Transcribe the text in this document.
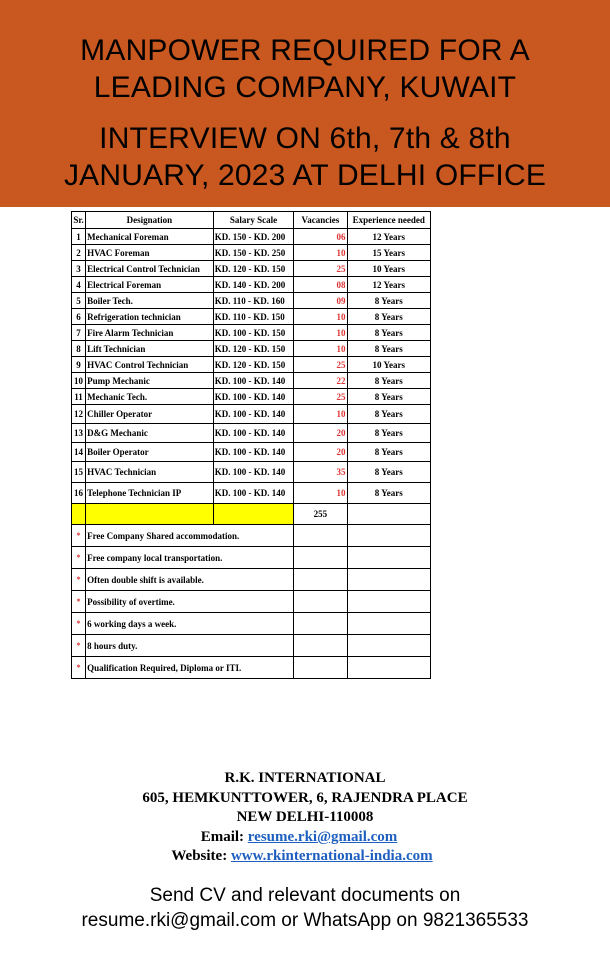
MANPOWER REQUIRED FOR A
LEADING COMPANY, KUWAIT
INTERVIEW ON 6th, 7th & 8th
JANUARY, 2023 AT DELHI OFFICE
Sr.	Designation	Salary Scale	Vacancies	Experience needed
1	Mechanical Foreman	KD. 150 - KD. 200	06	12 Years
2	HVAC Foreman	KD. 150 - KD. 250	10	15 Years
3	Electrical Control Technician	KD. 120 - KD. 150	25	10 Years
4	Electrical Foreman	KD. 140 - KD. 200	08	12 Years
5	Boiler Tech.	KD. 110 - KD. 160	09	8 Years
6	Refrigeration technician	KD. 110 - KD. 150	10	8 Years
7	Fire Alarm Technician	KD. 100 - KD. 150	10	8 Years
8	Lift Technician	KD. 120 - KD. 150	10	8 Years
9	HVAC Control Technician	KD. 120 - KD. 150	25	10 Years
10	Pump Mechanic	KD. 100 - KD. 140	22	8 Years
11	Mechanic Tech.	KD. 100 - KD. 140	25	8 Years
12	Chiller Operator	KD. 100 - KD. 140	10	8 Years
13	D&G Mechanic	KD. 100 - KD. 140	20	8 Years
14	Boiler Operator	KD. 100 - KD. 140	20	8 Years
15	HVAC Technician	KD. 100 - KD. 140	35	8 Years
16	Telephone Technician IP	KD. 100 - KD. 140	10	8 Years
			255	
*	Free Company Shared accommodation.			
*	Free company local transportation.			
*	Often double shift is available.			
*	Possibility of overtime.			
*	6 working days a week.			
*	8 hours duty.			
*	Qualification Required, Diploma or ITI.			
R.K. INTERNATIONAL
605, HEMKUNTTOWER, 6, RAJENDRA PLACE
NEW DELHI-110008
Email: resume.rki@gmail.com
Website: www.rkinternational-india.com
Send CV and relevant documents on
resume.rki@gmail.com or WhatsApp on 9821365533
